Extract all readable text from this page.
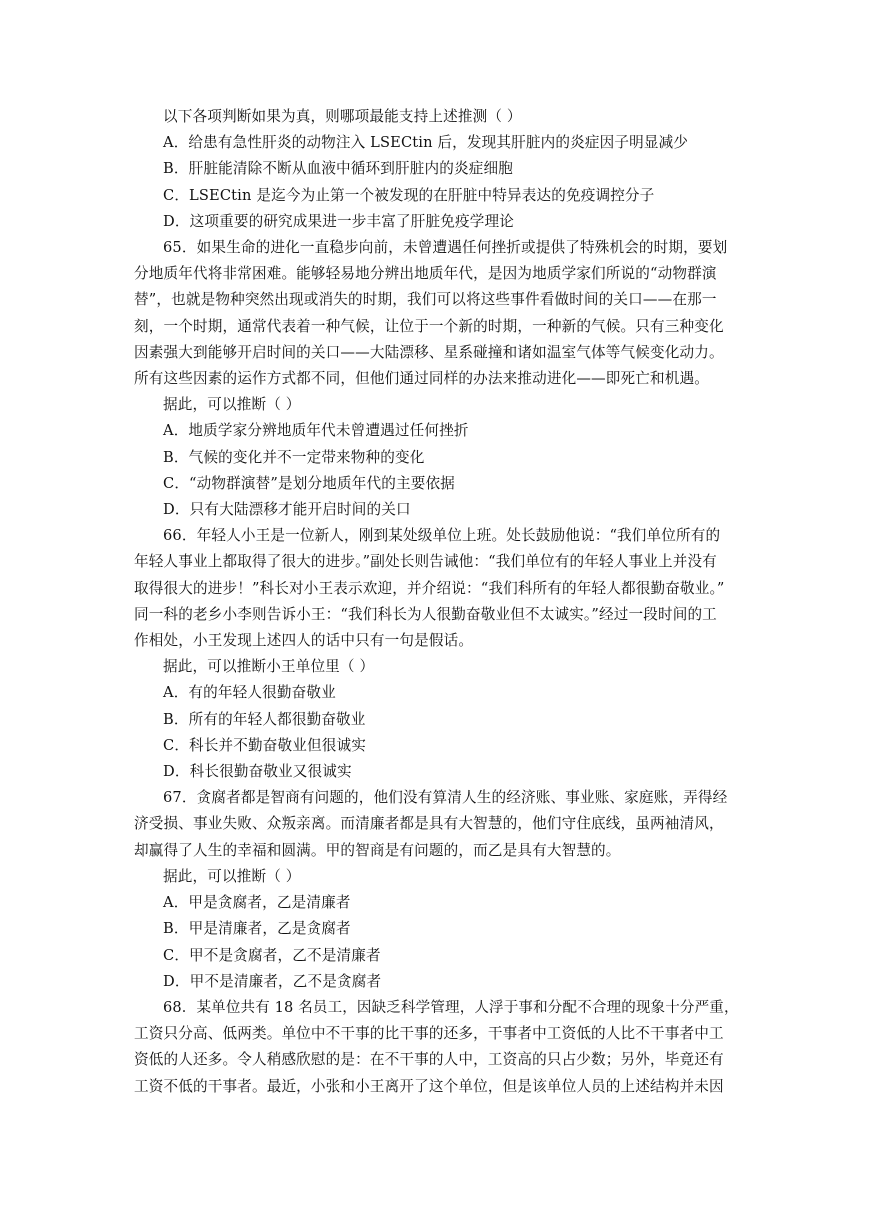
以下各项判断如果为真，则哪项最能支持上述推测（ ）
A．给患有急性肝炎的动物注入 LSECtin 后，发现其肝脏内的炎症因子明显减少
B．肝脏能清除不断从血液中循环到肝脏内的炎症细胞
C．LSECtin 是迄今为止第一个被发现的在肝脏中特异表达的免疫调控分子
D．这项重要的研究成果进一步丰富了肝脏免疫学理论
65．如果生命的进化一直稳步向前，未曾遭遇任何挫折或提供了特殊机会的时期，要划
分地质年代将非常困难。能够轻易地分辨出地质年代，是因为地质学家们所说的“动物群演
替”，也就是物种突然出现或消失的时期，我们可以将这些事件看做时间的关口——在那一
刻，一个时期，通常代表着一种气候，让位于一个新的时期，一种新的气候。只有三种变化
因素强大到能够开启时间的关口——大陆漂移、星系碰撞和诸如温室气体等气候变化动力。
所有这些因素的运作方式都不同，但他们通过同样的办法来推动进化——即死亡和机遇。
据此，可以推断（ ）
A．地质学家分辨地质年代未曾遭遇过任何挫折
B．气候的变化并不一定带来物种的变化
C．“动物群演替”是划分地质年代的主要依据
D．只有大陆漂移才能开启时间的关口
66．年轻人小王是一位新人，刚到某处级单位上班。处长鼓励他说：“我们单位所有的
年轻人事业上都取得了很大的进步。”副处长则告诫他：“我们单位有的年轻人事业上并没有
取得很大的进步！”科长对小王表示欢迎，并介绍说：“我们科所有的年轻人都很勤奋敬业。”
同一科的老乡小李则告诉小王：“我们科长为人很勤奋敬业但不太诚实。”经过一段时间的工
作相处，小王发现上述四人的话中只有一句是假话。
据此，可以推断小王单位里（ ）
A．有的年轻人很勤奋敬业
B．所有的年轻人都很勤奋敬业
C．科长并不勤奋敬业但很诚实
D．科长很勤奋敬业又很诚实
67．贪腐者都是智商有问题的，他们没有算清人生的经济账、事业账、家庭账，弄得经
济受损、事业失败、众叛亲离。而清廉者都是具有大智慧的，他们守住底线，虽两袖清风，
却赢得了人生的幸福和圆满。甲的智商是有问题的，而乙是具有大智慧的。
据此，可以推断（ ）
A．甲是贪腐者，乙是清廉者
B．甲是清廉者，乙是贪腐者
C．甲不是贪腐者，乙不是清廉者
D．甲不是清廉者，乙不是贪腐者
68．某单位共有 18 名员工，因缺乏科学管理，人浮于事和分配不合理的现象十分严重，
工资只分高、低两类。单位中不干事的比干事的还多，干事者中工资低的人比不干事者中工
资低的人还多。令人稍感欣慰的是：在不干事的人中，工资高的只占少数；另外，毕竟还有
工资不低的干事者。最近，小张和小王离开了这个单位，但是该单位人员的上述结构并未因
